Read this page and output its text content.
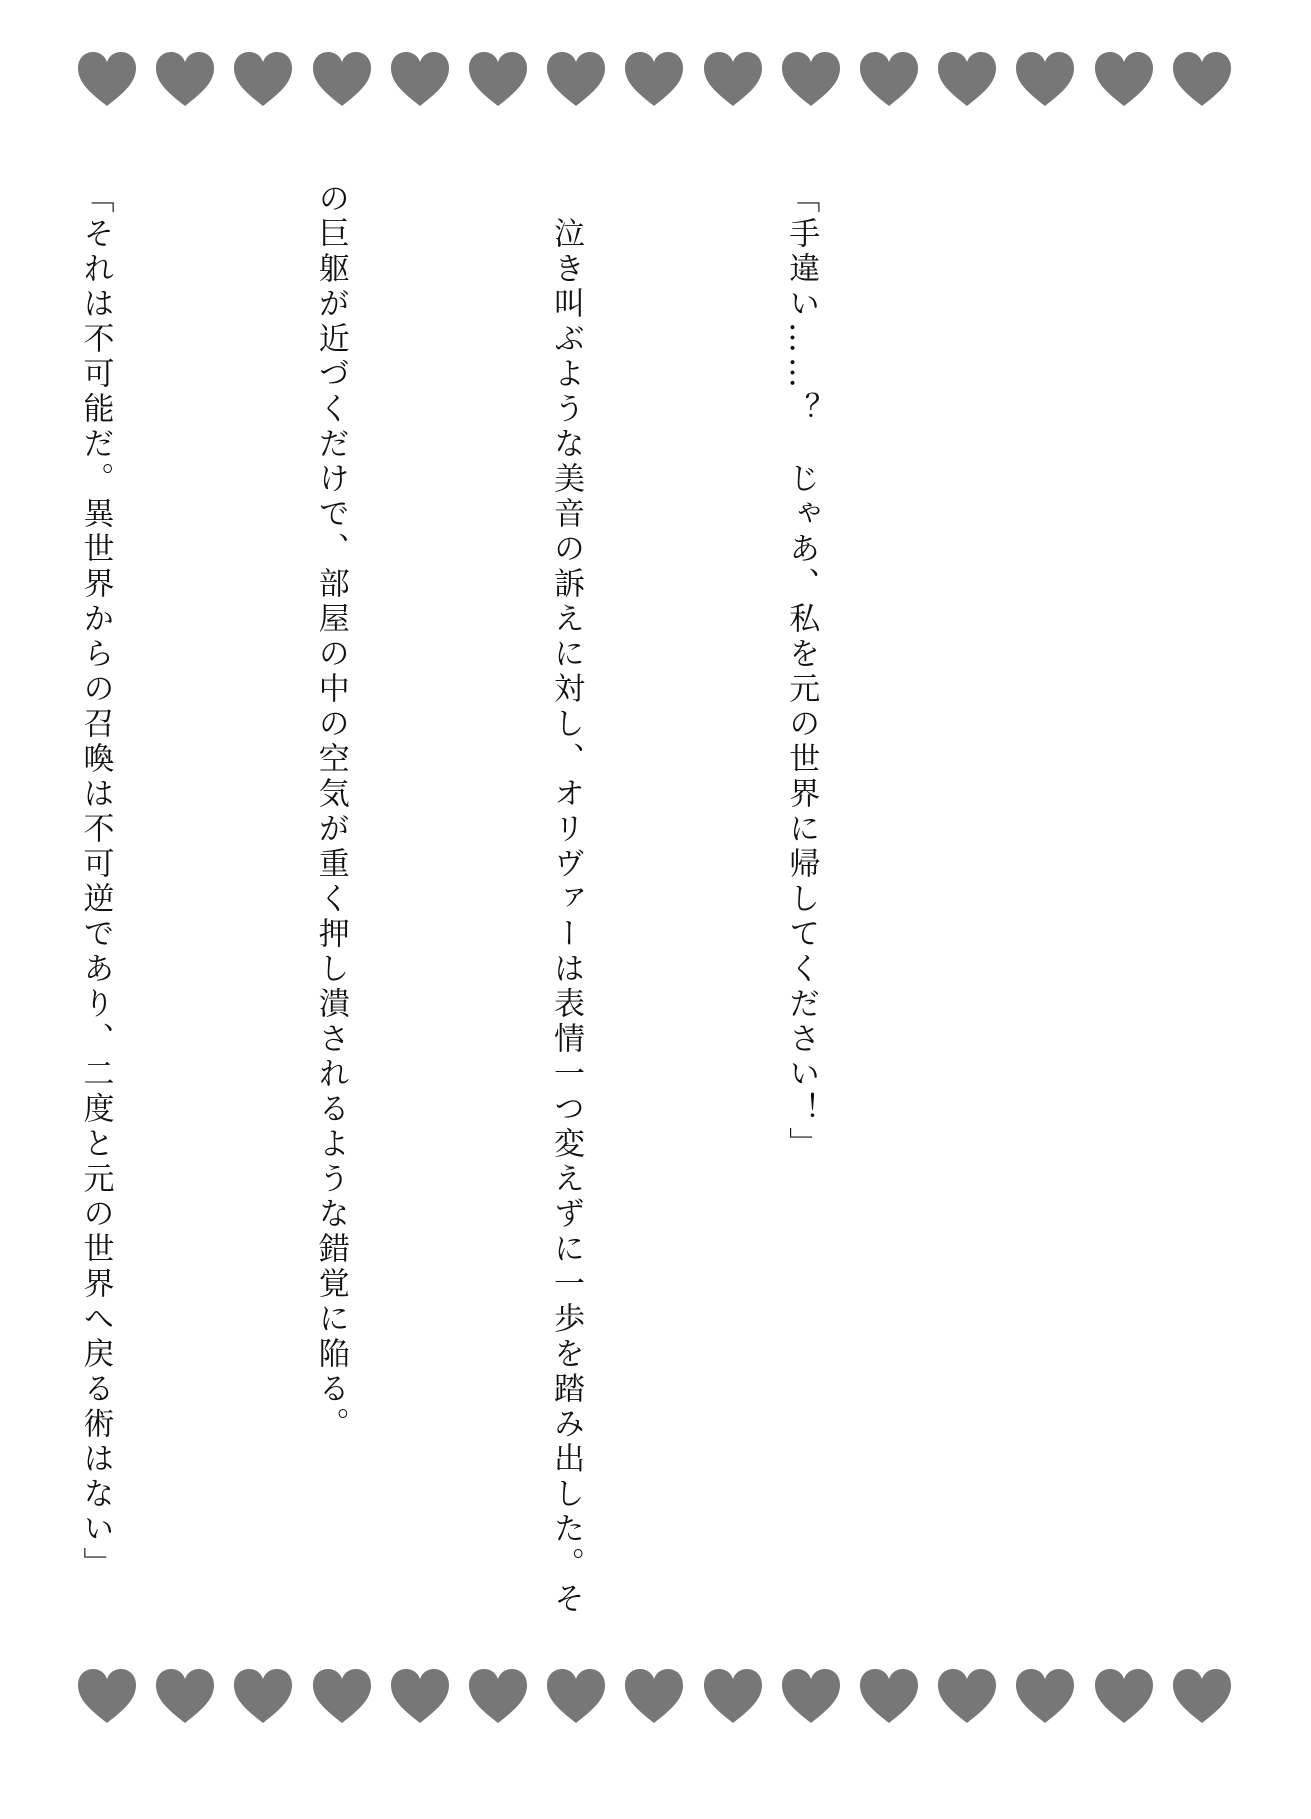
「手違い……？　じゃあ、私を元の世界に帰してください！」

　泣き叫ぶような美音の訴えに対し、オリヴァーは表情一つ変えずに一歩を踏み出した。そ

の巨躯が近づくだけで、部屋の中の空気が重く押し潰されるような錯覚に陥る。

「それは不可能だ。異世界からの召喚は不可逆であり、二度と元の世界へ戻る術はない」
